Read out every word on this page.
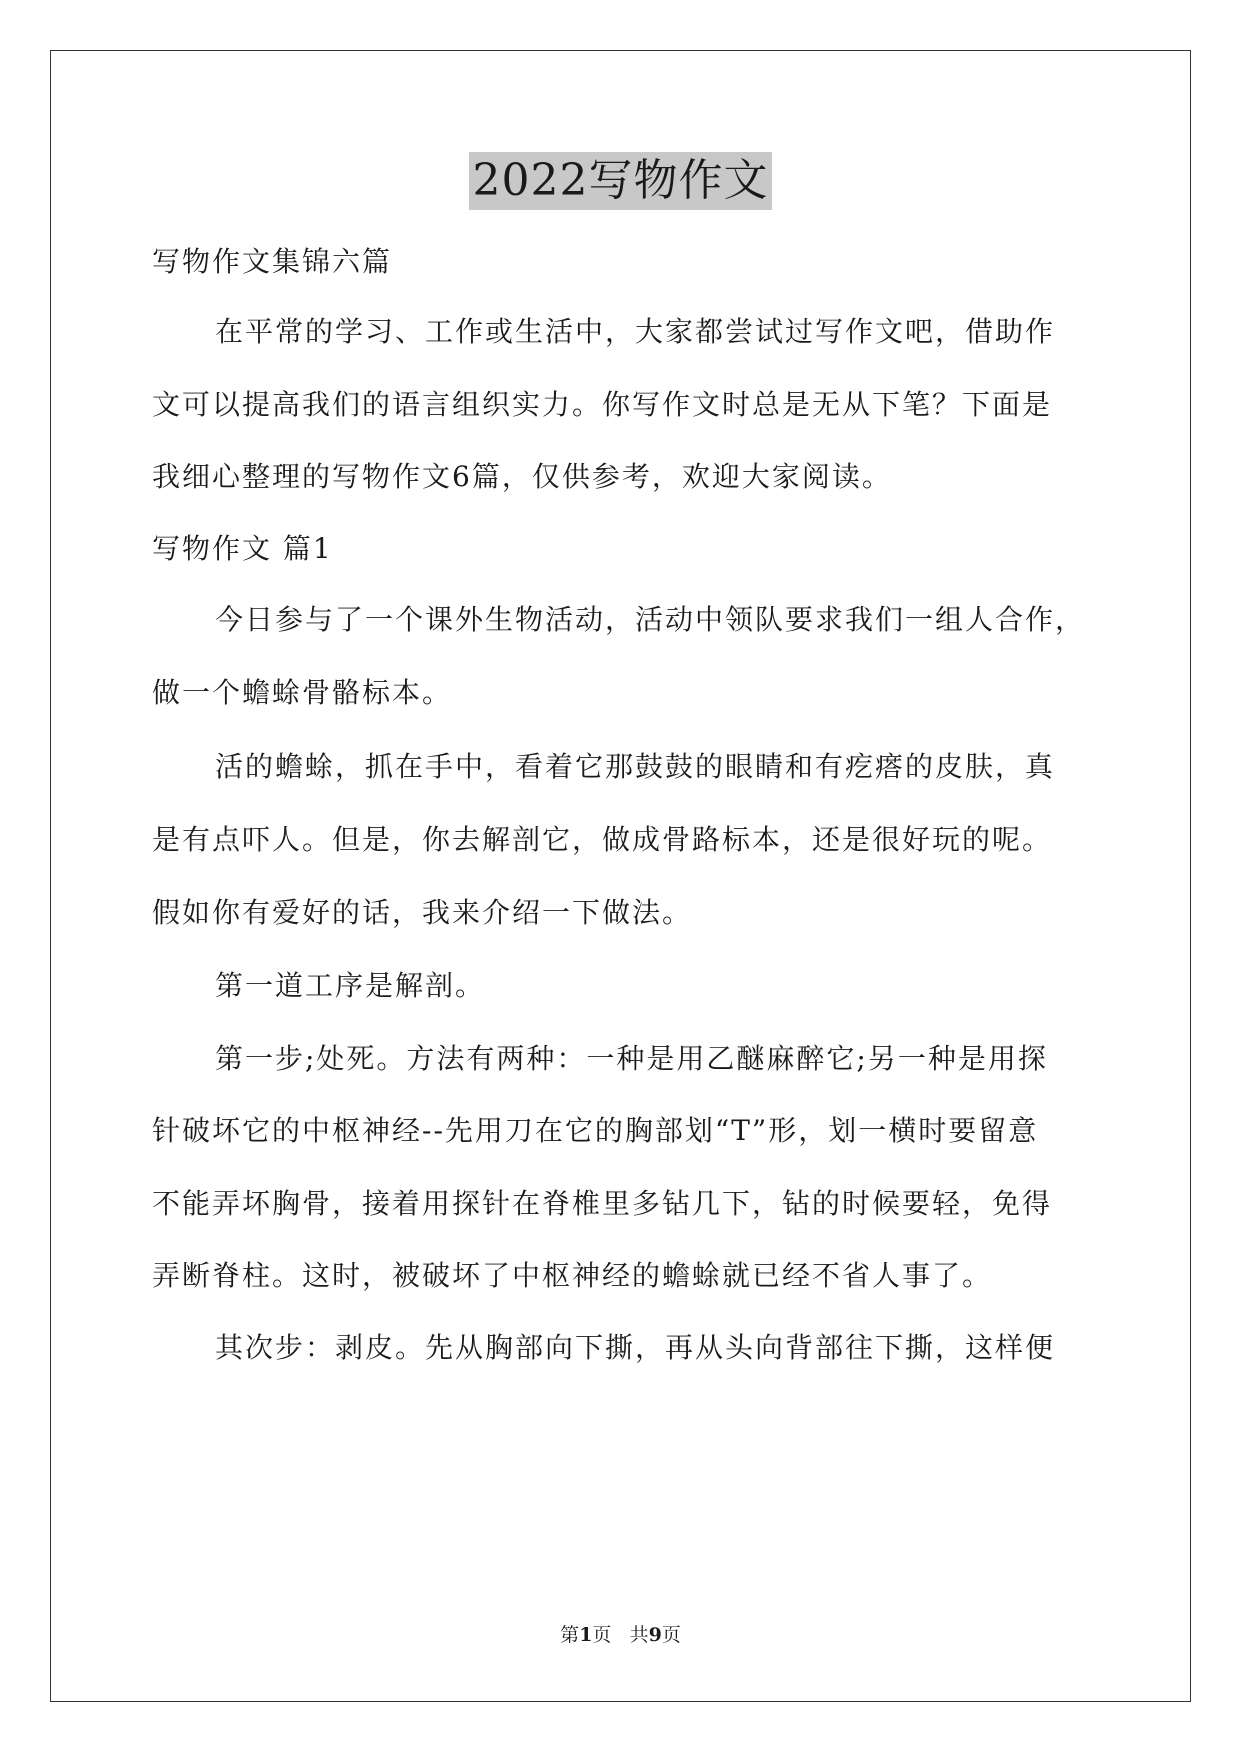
2022写物作文
写物作文集锦六篇
在平常的学习、工作或生活中，大家都尝试过写作文吧，借助作
文可以提高我们的语言组织实力。你写作文时总是无从下笔？下面是
我细心整理的写物作文6篇，仅供参考，欢迎大家阅读。
写物作文 篇1
今日参与了一个课外生物活动，活动中领队要求我们一组人合作，
做一个蟾蜍骨骼标本。
活的蟾蜍，抓在手中，看着它那鼓鼓的眼睛和有疙瘩的皮肤，真
是有点吓人。但是，你去解剖它，做成骨路标本，还是很好玩的呢。
假如你有爱好的话，我来介绍一下做法。
第一道工序是解剖。
第一步;处死。方法有两种：一种是用乙醚麻醉它;另一种是用探
针破坏它的中枢神经--先用刀在它的胸部划“T”形，划一横时要留意
不能弄坏胸骨，接着用探针在脊椎里多钻几下，钻的时候要轻，免得
弄断脊柱。这时，被破坏了中枢神经的蟾蜍就已经不省人事了。
其次步：剥皮。先从胸部向下撕，再从头向背部往下撕，这样便
第1页 共9页
